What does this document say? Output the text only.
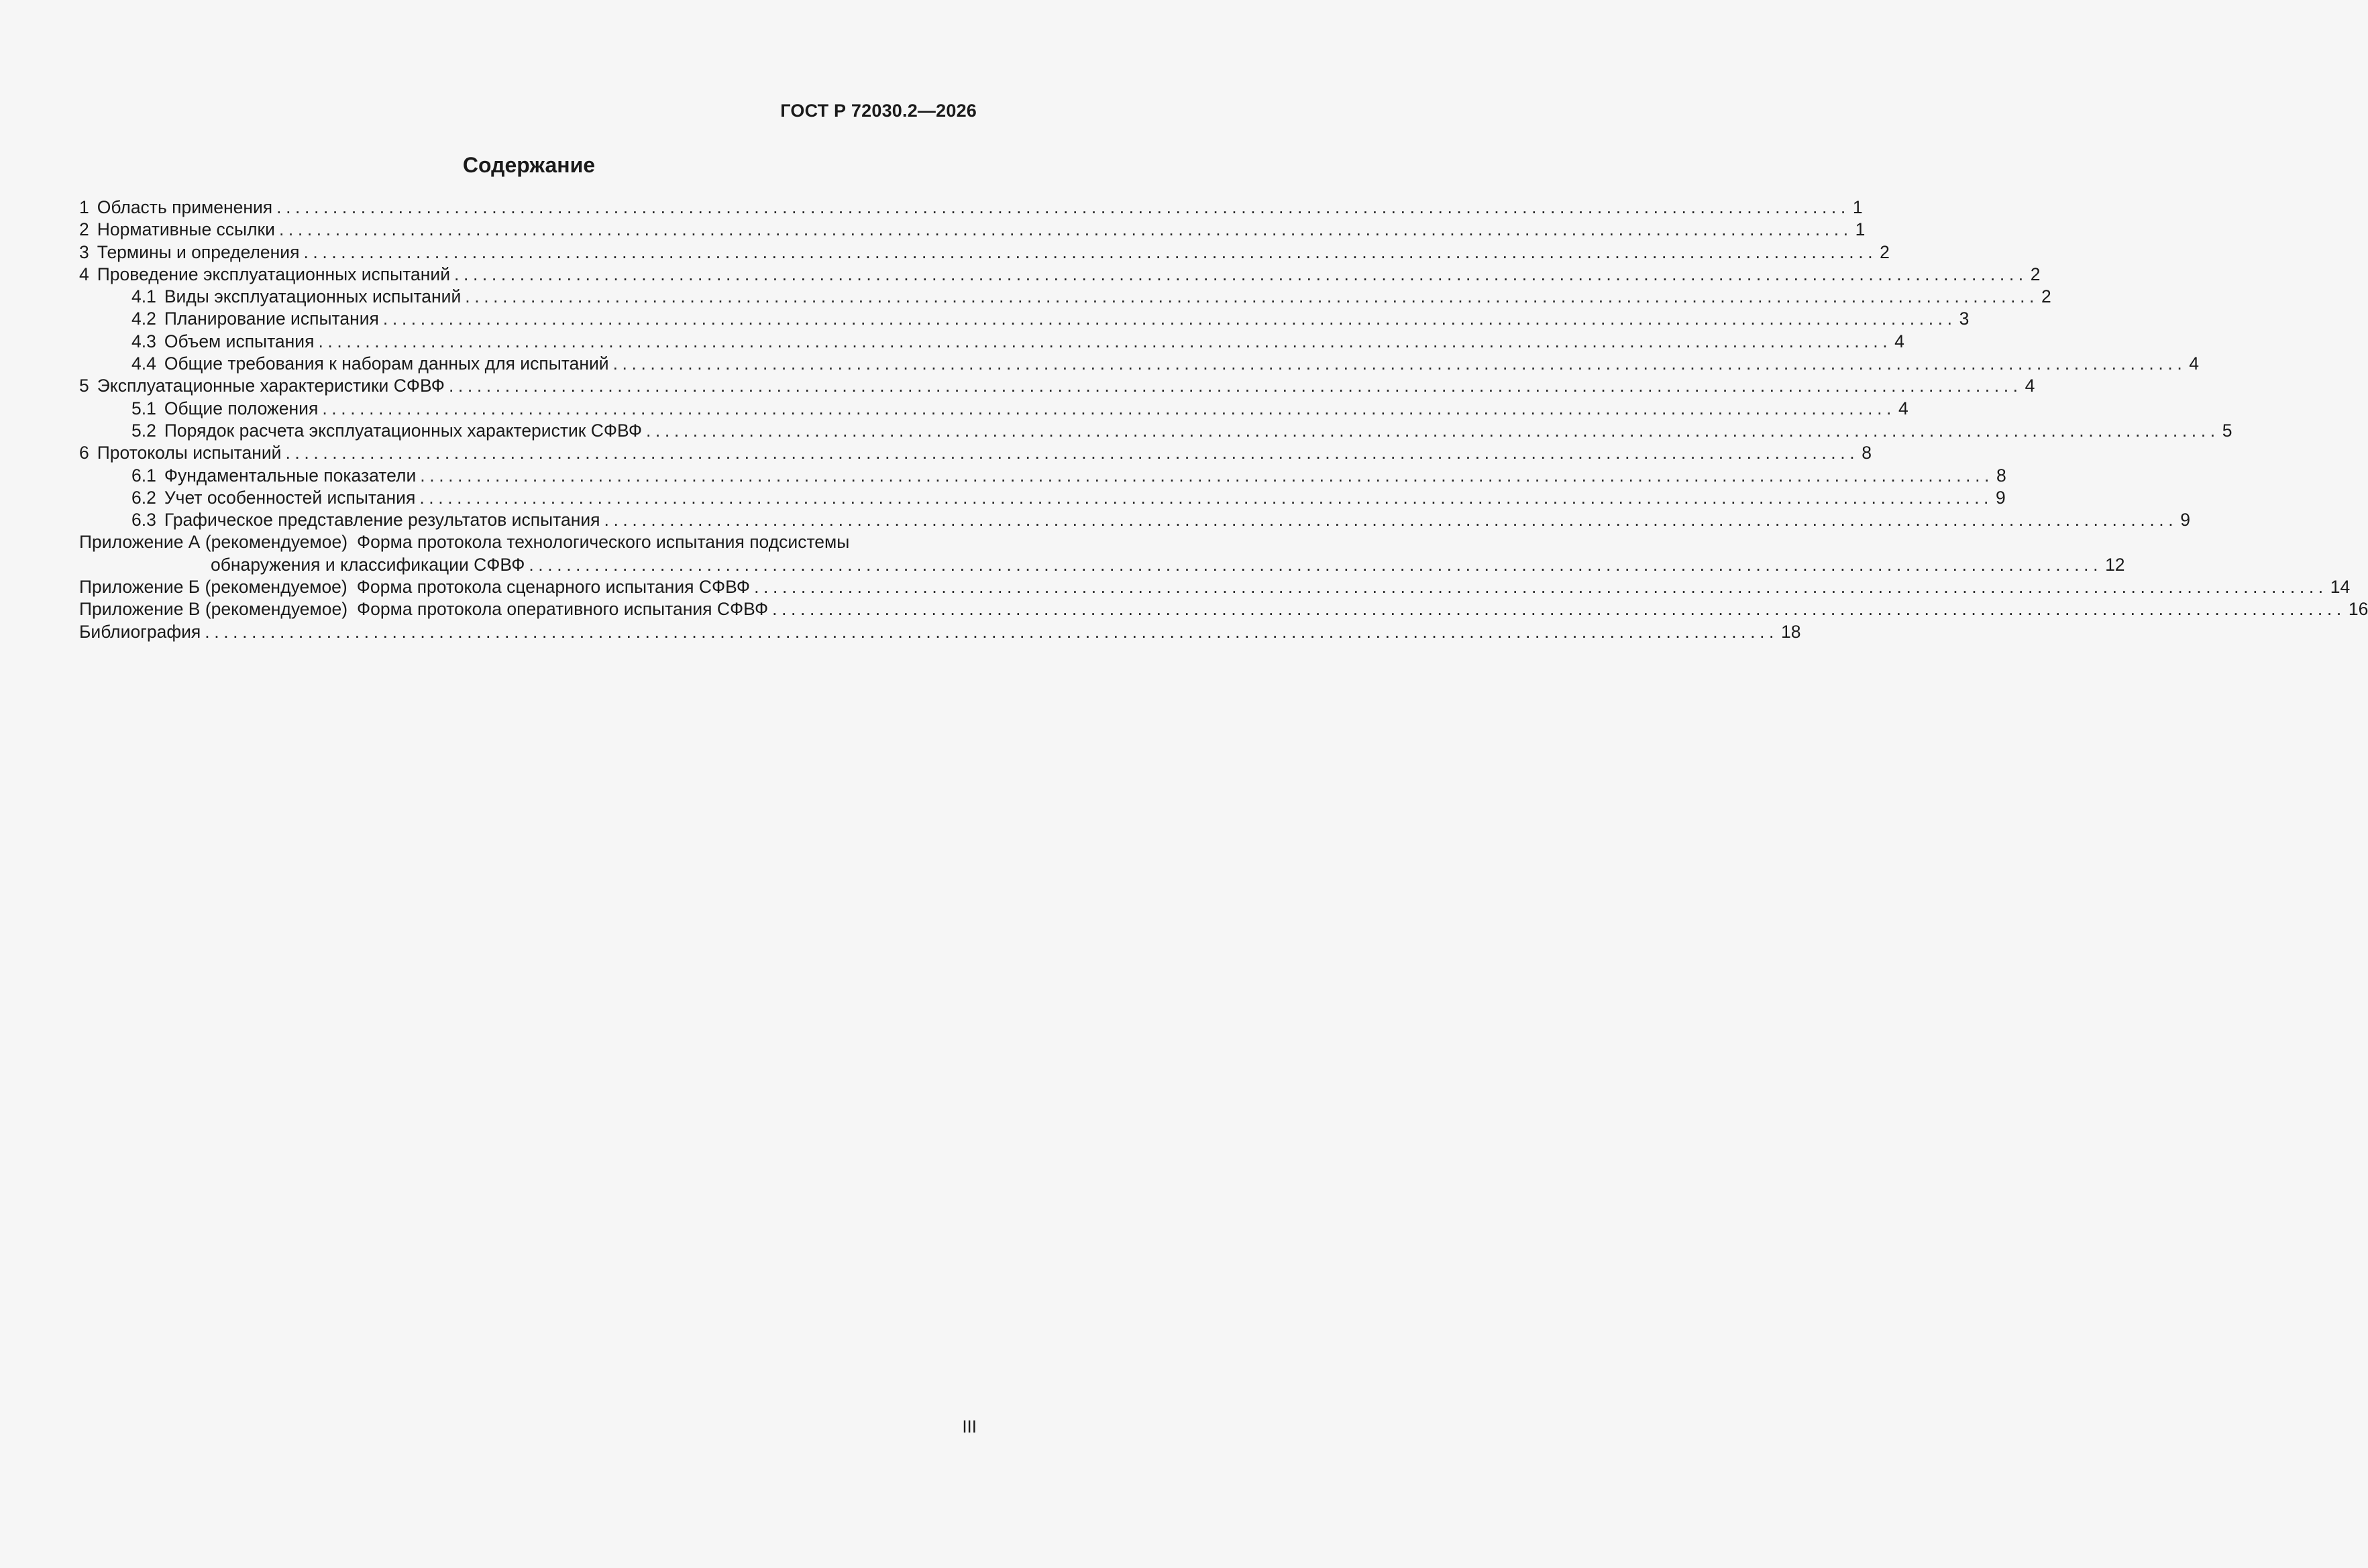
ГОСТ Р 72030.2—2026
Содержание
1 Область применения ........................................................................................................................................................................ 1
2 Нормативные ссылки ........................................................................................................................................................................ 1
3 Термины и определения ........................................................................................................................................................................ 2
4 Проведение эксплуатационных испытаний ........................................................................................................................................................................ 2
4.1 Виды эксплуатационных испытаний ........................................................................................................................................................................ 2
4.2 Планирование испытания ........................................................................................................................................................................ 3
4.3 Объем испытания ........................................................................................................................................................................ 4
4.4 Общие требования к наборам данных для испытаний ........................................................................................................................................................................ 4
5 Эксплуатационные характеристики СФВФ ........................................................................................................................................................................ 4
5.1 Общие положения ........................................................................................................................................................................ 4
5.2 Порядок расчета эксплуатационных характеристик СФВФ ........................................................................................................................................................................ 5
6 Протоколы испытаний ........................................................................................................................................................................ 8
6.1 Фундаментальные показатели ........................................................................................................................................................................ 8
6.2 Учет особенностей испытания ........................................................................................................................................................................ 9
6.3 Графическое представление результатов испытания ........................................................................................................................................................................ 9
Приложение А (рекомендуемое) Форма протокола технологического испытания подсистемы
обнаружения и классификации СФВФ ........................................................................................................................................................................ 12
Приложение Б (рекомендуемое) Форма протокола сценарного испытания СФВФ ........................................................................................................................................................................ 14
Приложение В (рекомендуемое) Форма протокола оперативного испытания СФВФ ........................................................................................................................................................................ 16
Библиография ........................................................................................................................................................................ 18
III
